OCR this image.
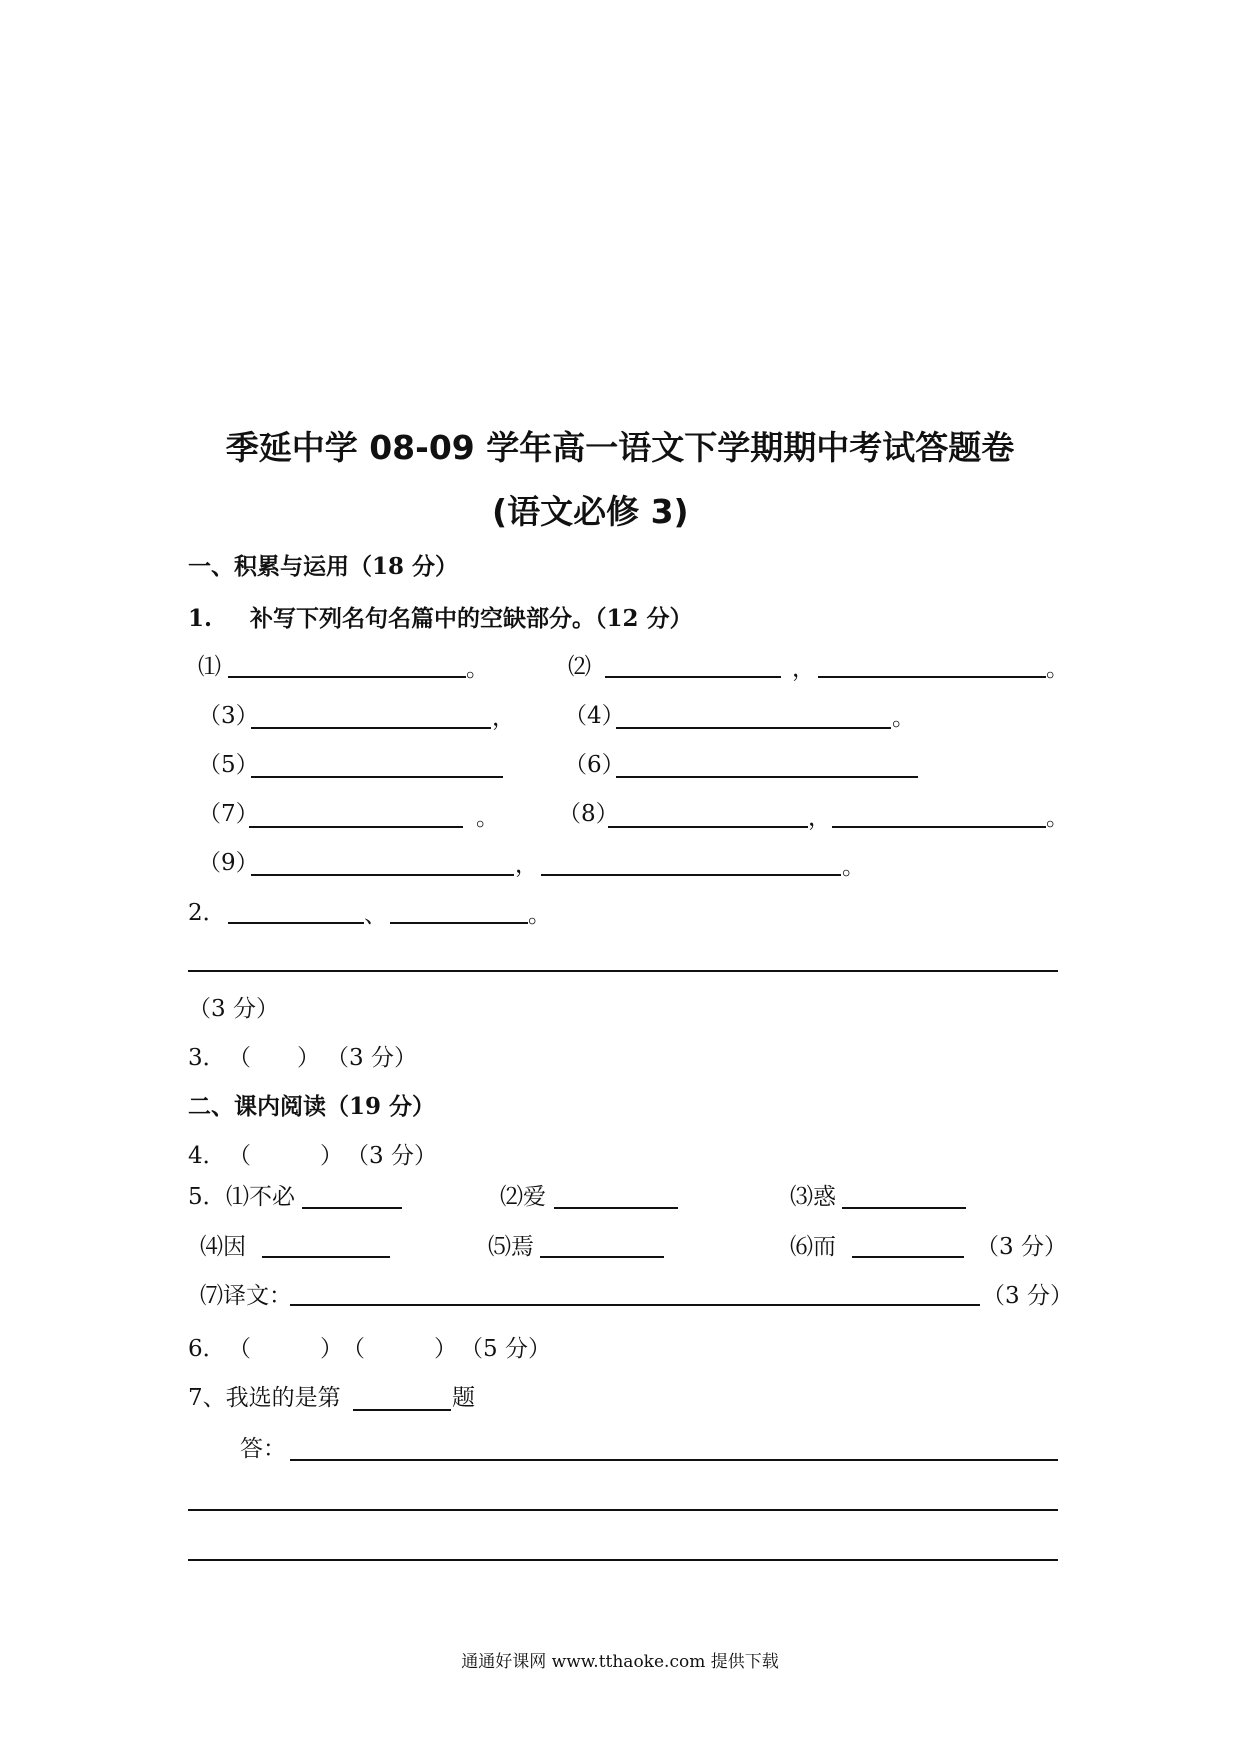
季延中学 08-09 学年高一语文下学期期中考试答题卷
(语文必修 3)
一、积累与运用（18 分）
1. 补写下列名句名篇中的空缺部分。（12 分）
⑴	。	⑵	，	。
（3）	， （4）	。
（5）	（6）
（7）	。	（8）	，	。
（9）	，	。
2．	、	。
（3 分）
3． （　　） （3 分）
二、课内阅读（19 分）
4． （　　　） （3 分）
5． ⑴不必	⑵爱	⑶惑
⑷因	⑸焉	⑹而	（3 分）
⑺译文：	（3 分）
6． （　　　） （　　　） （5 分）
7、我选的是第	题
答：
通通好课网 www.tthaoke.com 提供下载
